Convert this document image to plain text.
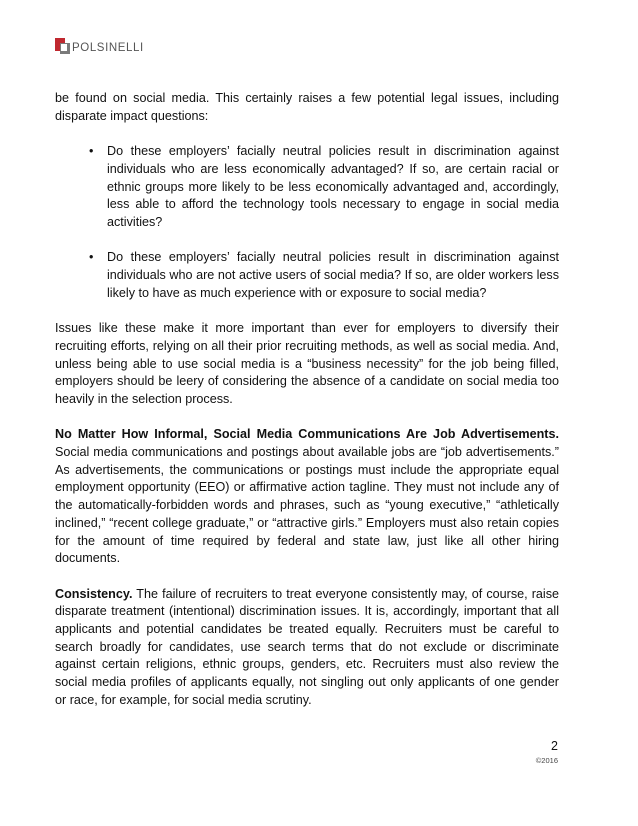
POLSINELLI

be found on social media. This certainly raises a few potential legal issues, including disparate impact questions:

• Do these employers’ facially neutral policies result in discrimination against individuals who are less economically advantaged? If so, are certain racial or ethnic groups more likely to be less economically advantaged and, accordingly, less able to afford the technology tools necessary to engage in social media activities?
• Do these employers’ facially neutral policies result in discrimination against individuals who are not active users of social media? If so, are older workers less likely to have as much experience with or exposure to social media?

Issues like these make it more important than ever for employers to diversify their recruiting efforts, relying on all their prior recruiting methods, as well as social media. And, unless being able to use social media is a “business necessity” for the job being filled, employers should be leery of considering the absence of a candidate on social media too heavily in the selection process.

No Matter How Informal, Social Media Communications Are Job Advertisements. Social media communications and postings about available jobs are “job advertisements.” As advertisements, the communications or postings must include the appropriate equal employment opportunity (EEO) or affirmative action tagline. They must not include any of the automatically-forbidden words and phrases, such as “young executive,” “athletically inclined,” “recent college graduate,” or “attractive girls.” Employers must also retain copies for the amount of time required by federal and state law, just like all other hiring documents.

Consistency. The failure of recruiters to treat everyone consistently may, of course, raise disparate treatment (intentional) discrimination issues. It is, accordingly, important that all applicants and potential candidates be treated equally. Recruiters must be careful to search broadly for candidates, use search terms that do not exclude or discriminate against certain religions, ethnic groups, genders, etc. Recruiters must also review the social media profiles of applicants equally, not singling out only applicants of one gender or race, for example, for social media scrutiny.

2
©2016
